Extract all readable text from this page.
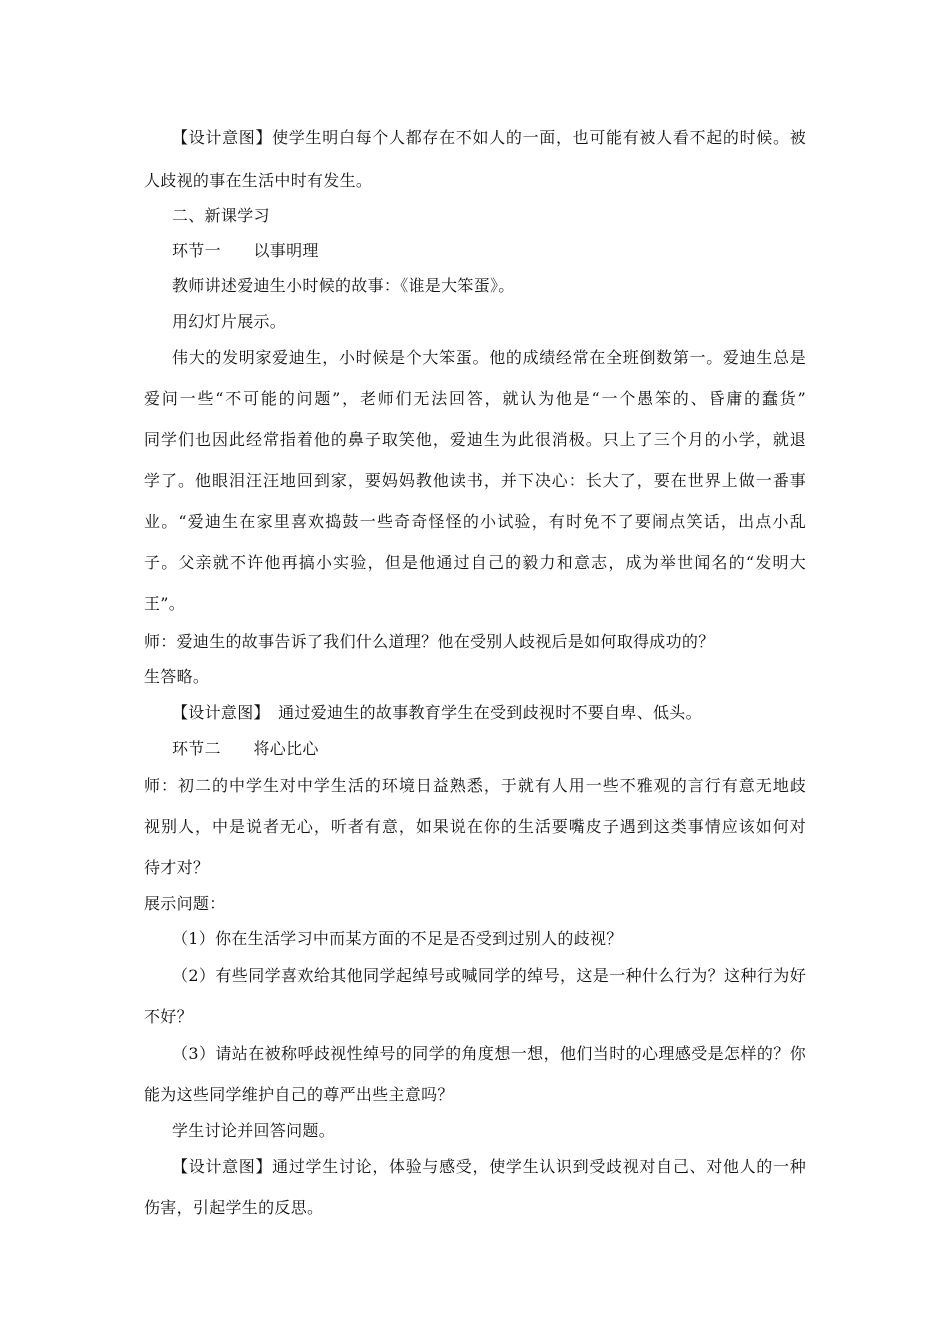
【设计意图】使学生明白每个人都存在不如人的一面，也可能有被人看不起的时候。被
人歧视的事在生活中时有发生。
二、新课学习
环节一　　以事明理
教师讲述爱迪生小时候的故事：《谁是大笨蛋》。
用幻灯片展示。
伟大的发明家爱迪生，小时候是个大笨蛋。他的成绩经常在全班倒数第一。爱迪生总是
爱问一些“不可能的问题”，老师们无法回答，就认为他是“一个愚笨的、昏庸的蠢货”
同学们也因此经常指着他的鼻子取笑他，爱迪生为此很消极。只上了三个月的小学，就退
学了。他眼泪汪汪地回到家，要妈妈教他读书，并下决心：长大了，要在世界上做一番事
业。“爱迪生在家里喜欢捣鼓一些奇奇怪怪的小试验，有时免不了要闹点笑话，出点小乱
子。父亲就不许他再搞小实验，但是他通过自己的毅力和意志，成为举世闻名的“发明大
王”。
师：爱迪生的故事告诉了我们什么道理？他在受别人歧视后是如何取得成功的？
生答略。
【设计意图】　通过爱迪生的故事教育学生在受到歧视时不要自卑、低头。
环节二　　将心比心
师：初二的中学生对中学生活的环境日益熟悉，于就有人用一些不雅观的言行有意无地歧
视别人，中是说者无心，听者有意，如果说在你的生活要嘴皮子遇到这类事情应该如何对
待才对？
展示问题：
（1）你在生活学习中而某方面的不足是否受到过别人的歧视？
（2）有些同学喜欢给其他同学起绰号或喊同学的绰号，这是一种什么行为？这种行为好
不好？
（3）请站在被称呼歧视性绰号的同学的角度想一想，他们当时的心理感受是怎样的？你
能为这些同学维护自己的尊严出些主意吗？
学生讨论并回答问题。
【设计意图】通过学生讨论，体验与感受，使学生认识到受歧视对自己、对他人的一种
伤害，引起学生的反思。
